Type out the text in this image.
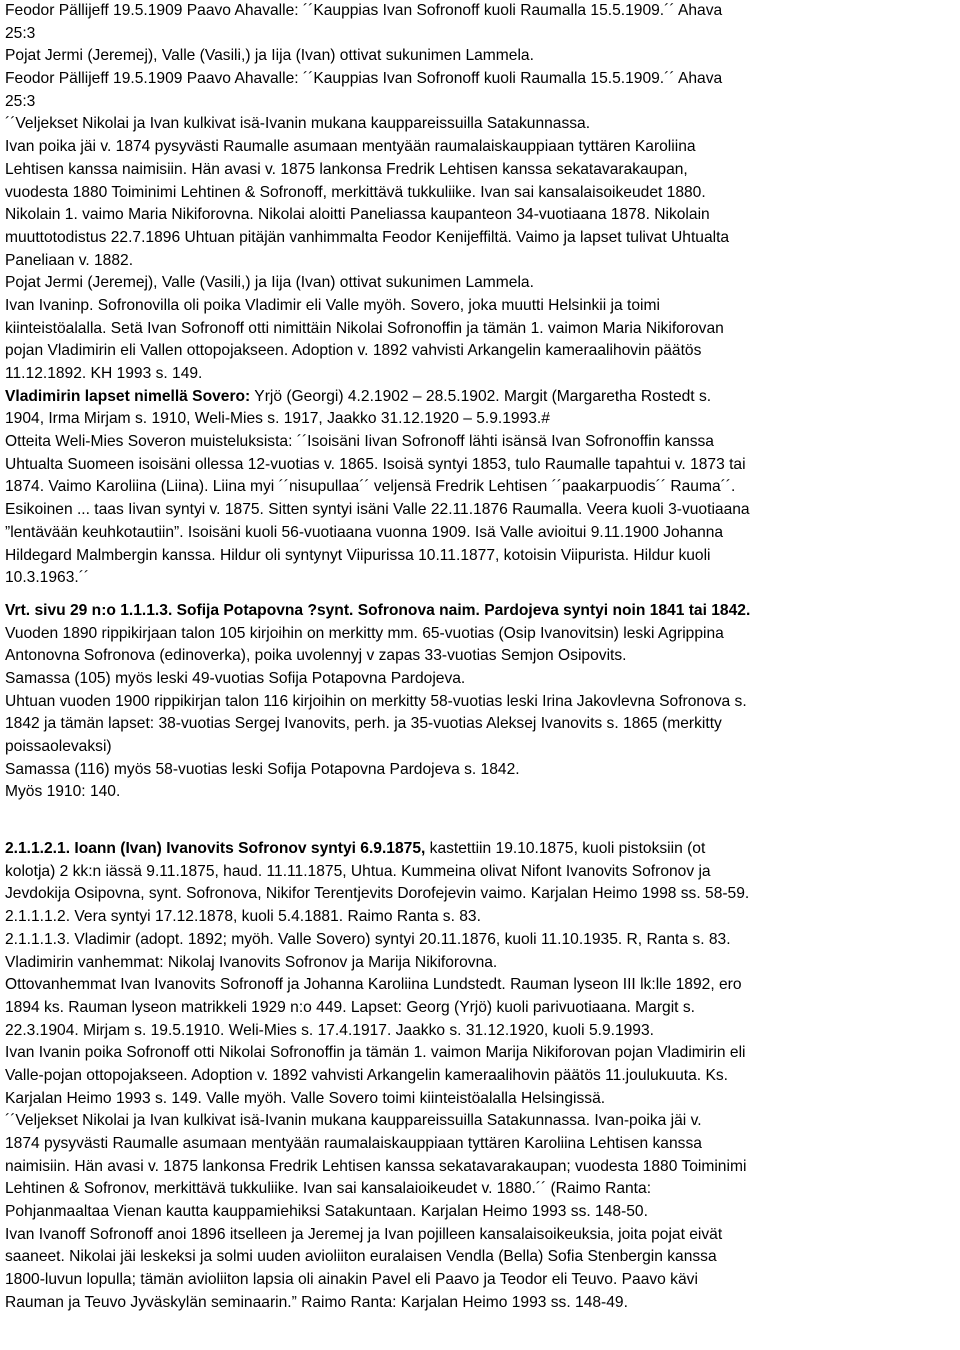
Feodor Pällijeff 19.5.1909 Paavo Ahavalle: ´´Kauppias Ivan Sofronoff kuoli Raumalla 15.5.1909.´´ Ahava
25:3
Pojat Jermi (Jeremej), Valle (Vasili,) ja Iija (Ivan) ottivat sukunimen Lammela.
Feodor Pällijeff 19.5.1909 Paavo Ahavalle: ´´Kauppias Ivan Sofronoff kuoli Raumalla 15.5.1909.´´ Ahava
25:3
´´Veljekset Nikolai ja Ivan kulkivat isä-Ivanin mukana kauppareissuilla Satakunnassa.
Ivan poika jäi v. 1874 pysyvästi Raumalle asumaan mentyään raumalaiskauppiaan tyttären Karoliina
Lehtisen kanssa naimisiin. Hän avasi v. 1875 lankonsa Fredrik Lehtisen kanssa sekatavarakaupan,
vuodesta 1880 Toiminimi Lehtinen & Sofronoff, merkittävä tukkuliike. Ivan sai kansalaisoikeudet 1880.
Nikolain 1. vaimo Maria Nikiforovna. Nikolai aloitti Paneliassa kaupanteon 34-vuotiaana 1878. Nikolain
muuttotodistus 22.7.1896 Uhtuan pitäjän vanhimmalta Feodor Kenijeffiltä. Vaimo ja lapset tulivat Uhtualta
Paneliaan v. 1882.
Pojat Jermi (Jeremej), Valle (Vasili,) ja Iija (Ivan) ottivat sukunimen Lammela.
Ivan Ivaninp. Sofronovilla oli poika Vladimir eli Valle myöh. Sovero, joka muutti Helsinkii ja toimi
kiinteistöalalla. Setä Ivan Sofronoff otti nimittäin Nikolai Sofronoffin ja tämän 1. vaimon Maria Nikiforovan
pojan Vladimirin eli Vallen ottopojakseen. Adoption v. 1892 vahvisti Arkangelin kameraalihovin päätös
11.12.1892. KH 1993 s. 149.
Vladimirin lapset nimellä Sovero: Yrjö (Georgi) 4.2.1902 – 28.5.1902. Margit (Margaretha Rostedt s.
1904, Irma Mirjam s. 1910, Weli-Mies s. 1917, Jaakko 31.12.1920 – 5.9.1993.#
Otteita Weli-Mies Soveron muisteluksista: ´´Isoisäni Iivan Sofronoff lähti isänsä Ivan Sofronoffin kanssa
Uhtualta Suomeen isoisäni ollessa 12-vuotias v. 1865. Isoisä syntyi 1853, tulo Raumalle tapahtui v. 1873 tai
1874. Vaimo Karoliina (Liina). Liina myi ´´nisupullaa´´ veljensä Fredrik Lehtisen ´´paakarpuodis´´ Rauma´´.
Esikoinen ... taas Iivan syntyi v. 1875. Sitten syntyi isäni Valle 22.11.1876 Raumalla. Veera kuoli 3-vuotiaana
”lentävään keuhkotautiin”. Isoisäni kuoli 56-vuotiaana vuonna 1909. Isä Valle avioitui 9.11.1900 Johanna
Hildegard Malmbergin kanssa. Hildur oli syntynyt Viipurissa 10.11.1877, kotoisin Viipurista. Hildur kuoli
10.3.1963.´´
Vrt. sivu 29 n:o 1.1.1.3. Sofija Potapovna ?synt. Sofronova naim. Pardojeva syntyi noin 1841 tai 1842.
Vuoden 1890 rippikirjaan talon 105 kirjoihin on merkitty mm. 65-vuotias (Osip Ivanovitsin) leski Agrippina
Antonovna Sofronova (edinoverka), poika uvolennyj v zapas 33-vuotias Semjon Osipovits.
Samassa (105) myös leski 49-vuotias Sofija Potapovna Pardojeva.
Uhtuan vuoden 1900 rippikirjan talon 116 kirjoihin on merkitty 58-vuotias leski Irina Jakovlevna Sofronova s.
1842 ja tämän lapset: 38-vuotias Sergej Ivanovits, perh. ja 35-vuotias Aleksej Ivanovits s. 1865 (merkitty
poissaolevaksi)
Samassa (116) myös 58-vuotias leski Sofija Potapovna Pardojeva s. 1842.
Myös 1910: 140.
2.1.1.2.1. Ioann (Ivan) Ivanovits Sofronov syntyi 6.9.1875, kastettiin 19.10.1875, kuoli pistoksiin (ot
kolotja) 2 kk:n iässä 9.11.1875, haud. 11.11.1875, Uhtua. Kummeina olivat Nifont Ivanovits Sofronov ja
Jevdokija Osipovna, synt. Sofronova, Nikifor Terentjevits Dorofejevin vaimo. Karjalan Heimo 1998 ss. 58-59.
2.1.1.1.2. Vera syntyi 17.12.1878, kuoli 5.4.1881. Raimo Ranta s. 83.
2.1.1.1.3. Vladimir (adopt. 1892; myöh. Valle Sovero) syntyi 20.11.1876, kuoli 11.10.1935. R, Ranta s. 83.
Vladimirin vanhemmat: Nikolaj Ivanovits Sofronov ja Marija Nikiforovna.
Ottovanhemmat Ivan Ivanovits Sofronoff ja Johanna Karoliina Lundstedt. Rauman lyseon III lk:lle 1892, ero
1894 ks. Rauman lyseon matrikkeli 1929 n:o 449. Lapset: Georg (Yrjö) kuoli parivuotiaana. Margit s.
22.3.1904. Mirjam s. 19.5.1910. Weli-Mies s. 17.4.1917. Jaakko s. 31.12.1920, kuoli 5.9.1993.
Ivan Ivanin poika Sofronoff otti Nikolai Sofronoffin ja tämän 1. vaimon Marija Nikiforovan pojan Vladimirin eli
Valle-pojan ottopojakseen. Adoption v. 1892 vahvisti Arkangelin kameraalihovin päätös 11.joulukuuta. Ks.
Karjalan Heimo 1993 s. 149. Valle myöh. Valle Sovero toimi kiinteistöalalla Helsingissä.
´´Veljekset Nikolai ja Ivan kulkivat isä-Ivanin mukana kauppareissuilla Satakunnassa. Ivan-poika jäi v.
1874 pysyvästi Raumalle asumaan mentyään raumalaiskauppiaan tyttären Karoliina Lehtisen kanssa
naimisiin. Hän avasi v. 1875 lankonsa Fredrik Lehtisen kanssa sekatavarakaupan; vuodesta 1880 Toiminimi
Lehtinen & Sofronov, merkittävä tukkuliike. Ivan sai kansalaioikeudet v. 1880.´´ (Raimo Ranta:
Pohjanmaaltaa Vienan kautta kauppamiehiksi Satakuntaan. Karjalan Heimo 1993 ss. 148-50.
Ivan Ivanoff Sofronoff anoi 1896 itselleen ja Jeremej ja Ivan pojilleen kansalaisoikeuksia, joita pojat eivät
saaneet. Nikolai jäi leskeksi ja solmi uuden avioliiton euralaisen Vendla (Bella) Sofia Stenbergin kanssa
1800-luvun lopulla; tämän avioliiton lapsia oli ainakin Pavel eli Paavo ja Teodor eli Teuvo. Paavo kävi
Rauman ja Teuvo Jyväskylän seminaarin.” Raimo Ranta: Karjalan Heimo 1993 ss. 148-49.
